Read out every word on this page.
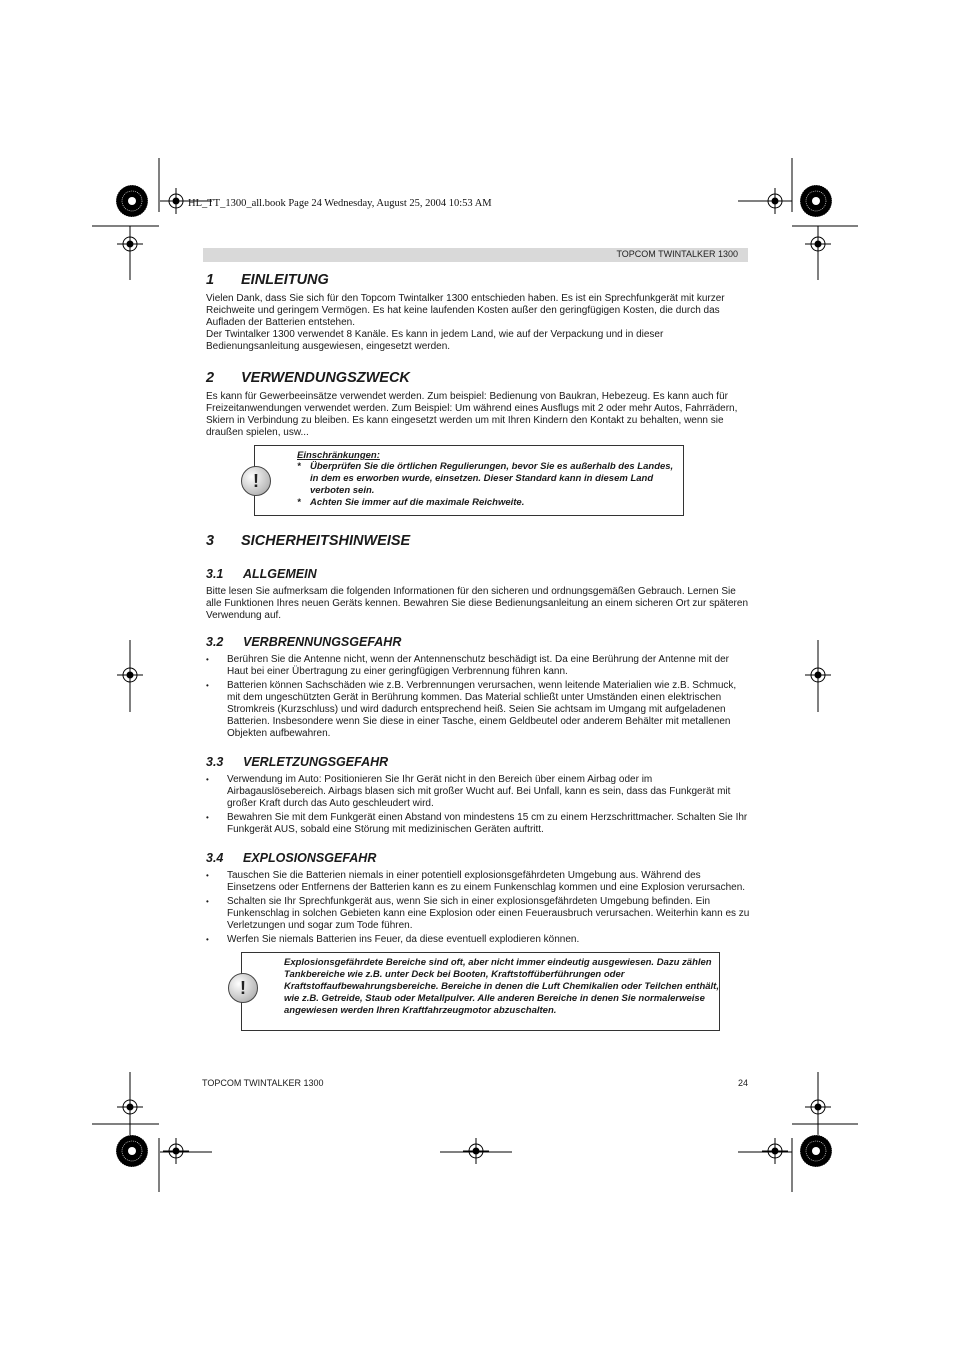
HL_TT_1300_all.book Page 24 Wednesday, August 25, 2004 10:53 AM
TOPCOM TWINTALKER 1300
1	EINLEITUNG

Vielen Dank, dass Sie sich für den Topcom Twintalker 1300 entschieden haben. Es ist ein Sprechfunkgerät mit kurzer Reichweite und geringem Vermögen. Es hat keine laufenden Kosten außer den geringfügigen Kosten, die durch das Aufladen der Batterien entstehen.

Der Twintalker 1300 verwendet 8 Kanäle. Es kann in jedem Land, wie auf der Verpackung und in dieser Bedienungsanleitung ausgewiesen, eingesetzt werden.

2	VERWENDUNGSZWECK

Es kann für Gewerbeeinsätze verwendet werden. Zum beispiel: Bedienung von Baukran, Hebezeug. Es kann auch für Freizeitanwendungen verwendet werden. Zum Beispiel: Um während eines Ausflugs mit 2 oder mehr Autos, Fahrrädern, Skiern in Verbindung zu bleiben. Es kann eingesetzt werden um mit Ihren Kindern den Kontakt zu behalten, wenn sie draußen spielen, usw...

!
Einschränkungen:
* Überprüfen Sie die örtlichen Regulierungen, bevor Sie es außerhalb des Landes, in dem es erworben wurde, einsetzen. Dieser Standard kann in diesem Land verboten sein.
* Achten Sie immer auf die maximale Reichweite.
3	SICHERHEITSHINWEISE
3.1	ALLGEMEIN

Bitte lesen Sie aufmerksam die folgenden Informationen für den sicheren und ordnungsgemäßen Gebrauch. Lernen Sie alle Funktionen Ihres neuen Geräts kennen. Bewahren Sie diese Bedienungsanleitung an einem sicheren Ort zur späteren Verwendung auf.

3.2	VERBRENNUNGSGEFAHR
• Berühren Sie die Antenne nicht, wenn der Antennenschutz beschädigt ist. Da eine Berührung der Antenne mit der Haut bei einer Übertragung zu einer geringfügigen Verbrennung führen kann.
• Batterien können Sachschäden wie z.B. Verbrennungen verursachen, wenn leitende Materialien wie z.B. Schmuck, mit dem ungeschützten Gerät in Berührung kommen. Das Material schließt unter Umständen einen elektrischen Stromkreis (Kurzschluss) und wird dadurch entsprechend heiß. Seien Sie achtsam im Umgang mit aufgeladenen Batterien. Insbesondere wenn Sie diese in einer Tasche, einem Geldbeutel oder anderem Behälter mit metallenen Objekten aufbewahren.
3.3	VERLETZUNGSGEFAHR
• Verwendung im Auto: Positionieren Sie Ihr Gerät nicht in den Bereich über einem Airbag oder im Airbagauslösebereich. Airbags blasen sich mit großer Wucht auf. Bei Unfall, kann es sein, dass das Funkgerät mit großer Kraft durch das Auto geschleudert wird.
• Bewahren Sie mit dem Funkgerät einen Abstand von mindestens 15 cm zu einem Herzschrittmacher. Schalten Sie Ihr Funkgerät AUS, sobald eine Störung mit medizinischen Geräten auftritt.
3.4	EXPLOSIONSGEFAHR
• Tauschen Sie die Batterien niemals in einer potentiell explosionsgefährdeten Umgebung aus. Während des Einsetzens oder Entfernens der Batterien kann es zu einem Funkenschlag kommen und eine Explosion verursachen.
• Schalten sie Ihr Sprechfunkgerät aus, wenn Sie sich in einer explosionsgefährdeten Umgebung befinden. Ein Funkenschlag in solchen Gebieten kann eine Explosion oder einen Feuerausbruch verursachen. Weiterhin kann es zu Verletzungen und sogar zum Tode führen.
• Werfen Sie niemals Batterien ins Feuer, da diese eventuell explodieren können.
!
Explosionsgefährdete Bereiche sind oft, aber nicht immer eindeutig ausgewiesen. Dazu zählen Tankbereiche wie z.B. unter Deck bei Booten, Kraftstoffüberführungen oder Kraftstoffaufbewahrungsbereiche. Bereiche in denen die Luft Chemikalien oder Teilchen enthält, wie z.B. Getreide, Staub oder Metallpulver. Alle anderen Bereiche in denen Sie normalerweise angewiesen werden Ihren Kraftfahrzeugmotor abzuschalten.
TOPCOM TWINTALKER 1300	24
